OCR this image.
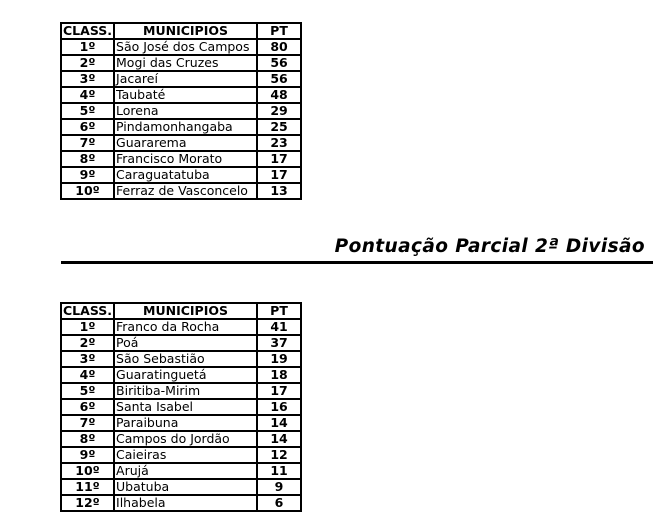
CLASS.	MUNICIPIOS	PT
1º	São José dos Campos	80
2º	Mogi das Cruzes	56
3º	Jacareí	56
4º	Taubaté	48
5º	Lorena	29
6º	Pindamonhangaba	25
7º	Guararema	23
8º	Francisco Morato	17
9º	Caraguatatuba	17
10º	Ferraz de Vasconcelo	13
Pontuação Parcial 2ª Divisão
CLASS.	MUNICIPIOS	PT
1º	Franco da Rocha	41
2º	Poá	37
3º	São Sebastião	19
4º	Guaratinguetá	18
5º	Biritiba-Mirim	17
6º	Santa Isabel	16
7º	Paraibuna	14
8º	Campos do Jordão	14
9º	Caieiras	12
10º	Arujá	11
11º	Ubatuba	9
12º	Ilhabela	6
